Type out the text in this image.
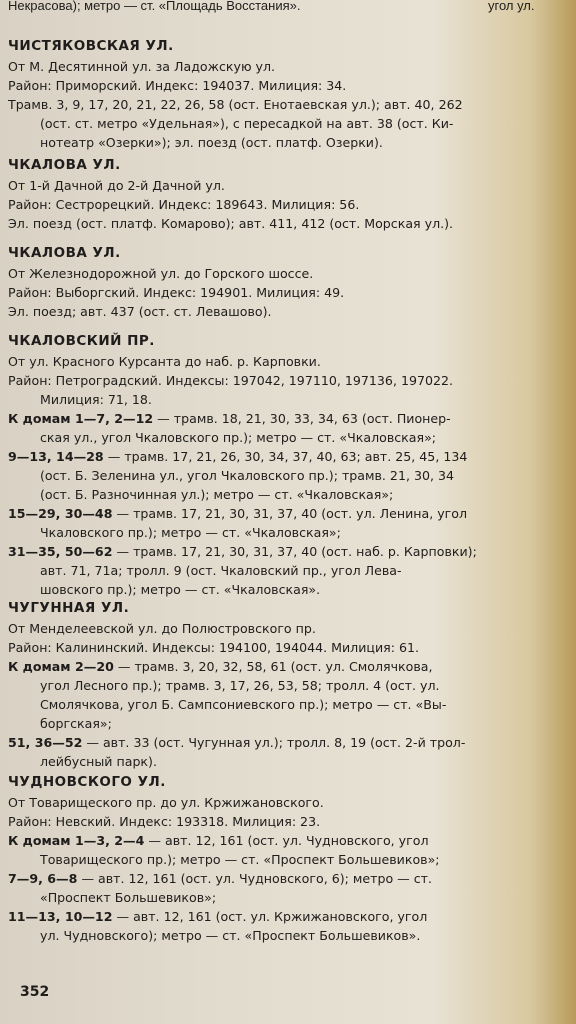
Некрасова); метро — ст. «Площадь Восстания».	угол ул.
ЧИСТЯКОВСКАЯ УЛ.
От М. Десятинной ул. за Ладожскую ул.
Район: Приморский. Индекс: 194037. Милиция: 34.
Трамв. 3, 9, 17, 20, 21, 22, 26, 58 (ост. Енотаевская ул.); авт. 40, 262
(ост. ст. метро «Удельная»), с пересадкой на авт. 38 (ост. Ки-
нотеатр «Озерки»); эл. поезд (ост. платф. Озерки).
ЧКАЛОВА УЛ.
От 1-й Дачной до 2-й Дачной ул.
Район: Сестрорецкий. Индекс: 189643. Милиция: 56.
Эл. поезд (ост. платф. Комарово); авт. 411, 412 (ост. Морская ул.).
ЧКАЛОВА УЛ.
От Железнодорожной ул. до Горского шоссе.
Район: Выборгский. Индекс: 194901. Милиция: 49.
Эл. поезд; авт. 437 (ост. ст. Левашово).
ЧКАЛОВСКИЙ ПР.
От ул. Красного Курсанта до наб. р. Карповки.
Район: Петроградский. Индексы: 197042, 197110, 197136, 197022.
Милиция: 71, 18.
К домам 1—7, 2—12 — трамв. 18, 21, 30, 33, 34, 63 (ост. Пионер-
ская ул., угол Чкаловского пр.); метро — ст. «Чкаловская»;
9—13, 14—28 — трамв. 17, 21, 26, 30, 34, 37, 40, 63; авт. 25, 45, 134
(ост. Б. Зеленина ул., угол Чкаловского пр.); трамв. 21, 30, 34
(ост. Б. Разночинная ул.); метро — ст. «Чкаловская»;
15—29, 30—48 — трамв. 17, 21, 30, 31, 37, 40 (ост. ул. Ленина, угол
Чкаловского пр.); метро — ст. «Чкаловская»;
31—35, 50—62 — трамв. 17, 21, 30, 31, 37, 40 (ост. наб. р. Карповки);
авт. 71, 71а; тролл. 9 (ост. Чкаловский пр., угол Лева-
шовского пр.); метро — ст. «Чкаловская».
ЧУГУННАЯ УЛ.
От Менделеевской ул. до Полюстровского пр.
Район: Калининский. Индексы: 194100, 194044. Милиция: 61.
К домам 2—20 — трамв. 3, 20, 32, 58, 61 (ост. ул. Смолячкова,
угол Лесного пр.); трамв. 3, 17, 26, 53, 58; тролл. 4 (ост. ул.
Смолячкова, угол Б. Сампсониевского пр.); метро — ст. «Вы-
боргская»;
51, 36—52 — авт. 33 (ост. Чугунная ул.); тролл. 8, 19 (ост. 2-й трол-
лейбусный парк).
ЧУДНОВСКОГО УЛ.
От Товарищеского пр. до ул. Кржижановского.
Район: Невский. Индекс: 193318. Милиция: 23.
К домам 1—3, 2—4 — авт. 12, 161 (ост. ул. Чудновского, угол
Товарищеского пр.); метро — ст. «Проспект Большевиков»;
7—9, 6—8 — авт. 12, 161 (ост. ул. Чудновского, 6); метро — ст.
«Проспект Большевиков»;
11—13, 10—12 — авт. 12, 161 (ост. ул. Кржижановского, угол
ул. Чудновского); метро — ст. «Проспект Большевиков».
352
